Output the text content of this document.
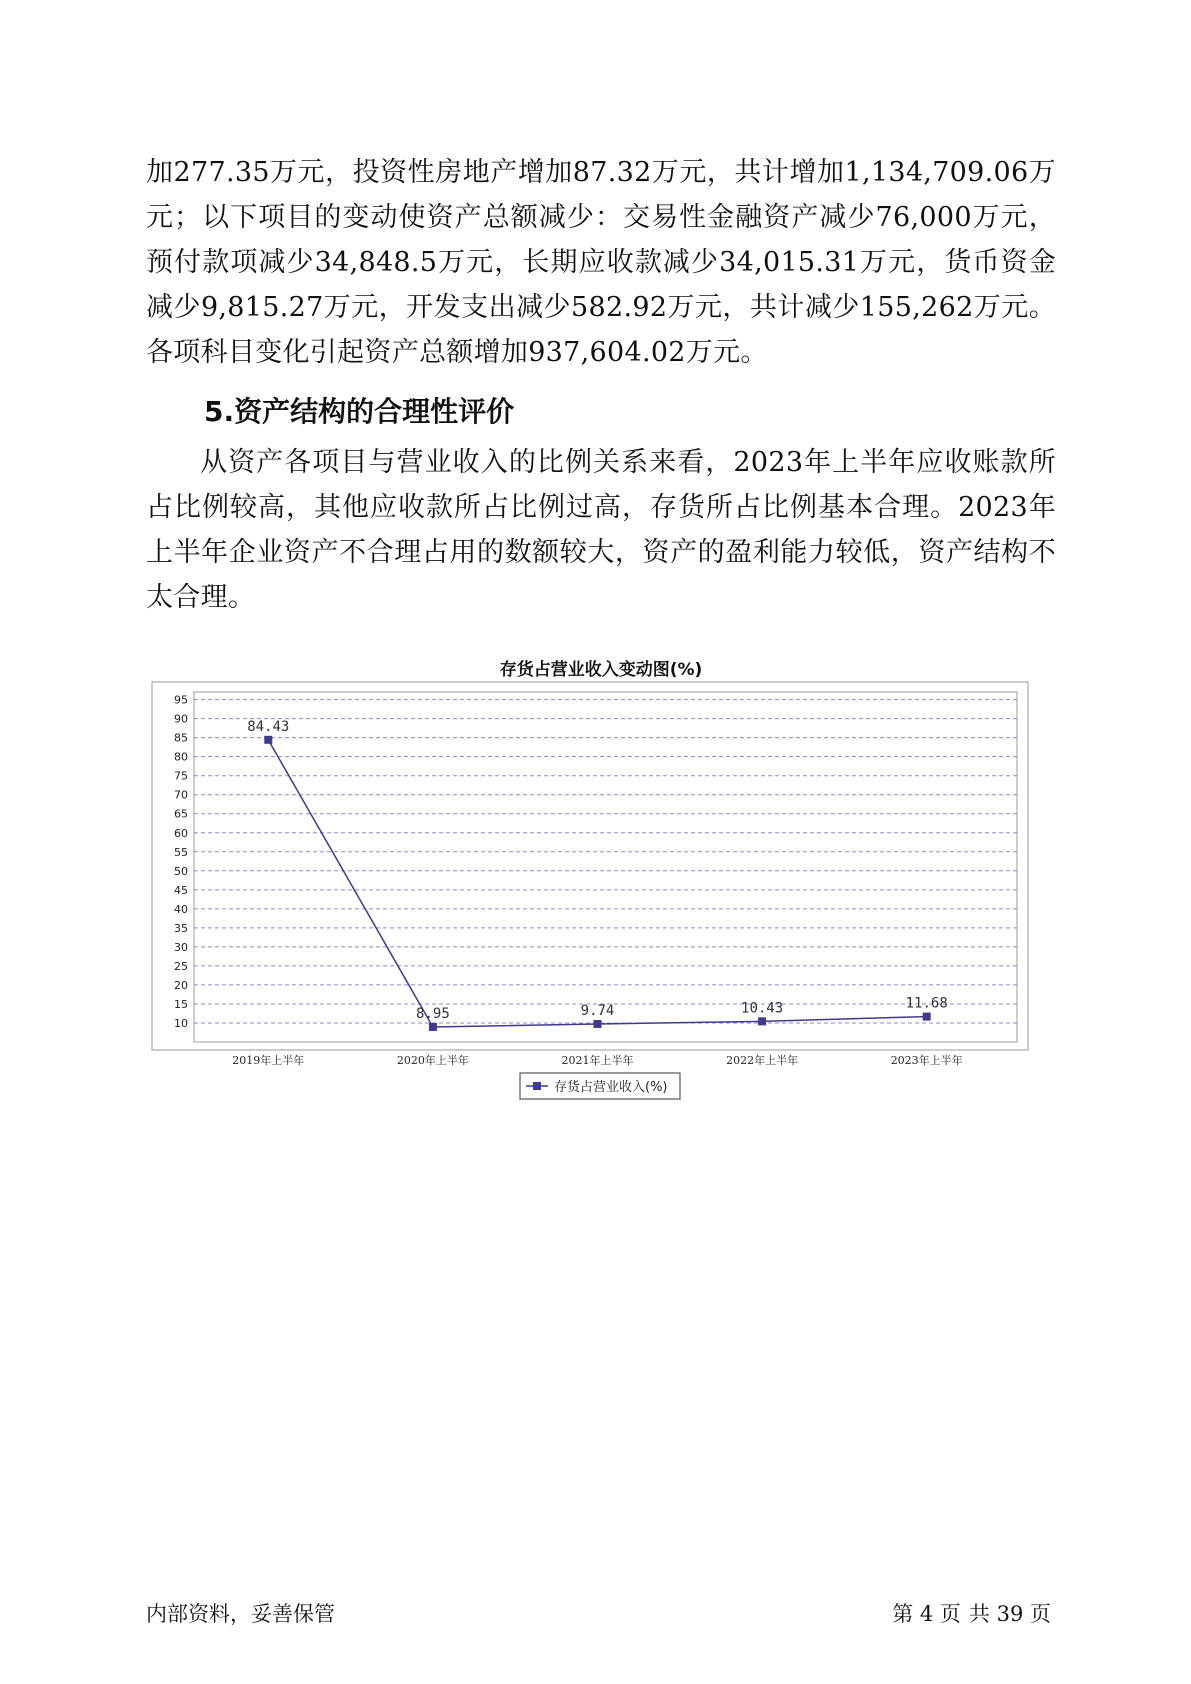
加277.35万元，投资性房地产增加87.32万元，共计增加1,134,709.06万元；以下项目的变动使资产总额减少：交易性金融资产减少76,000万元，预付款项减少34,848.5万元，长期应收款减少34,015.31万元，货币资金减少9,815.27万元，开发支出减少582.92万元，共计减少155,262万元。各项科目变化引起资产总额增加937,604.02万元。

5.资产结构的合理性评价

从资产各项目与营业收入的比例关系来看，2023年上半年应收账款所占比例较高，其他应收款所占比例过高，存货所占比例基本合理。2023年上半年企业资产不合理占用的数额较大，资产的盈利能力较低，资产结构不太合理。

存货占营业收入变动图(%)
10
15
20
25
30
35
40
45
50
55
60
65
70
75
80
85
90
95
2019年上半年	2020年上半年	2021年上半年	2022年上半年	2023年上半年
84.43
8.95	9.74	10.43	11.68
存货占营业收入(%)
内部资料，妥善保管	第 4 页 共 39 页
